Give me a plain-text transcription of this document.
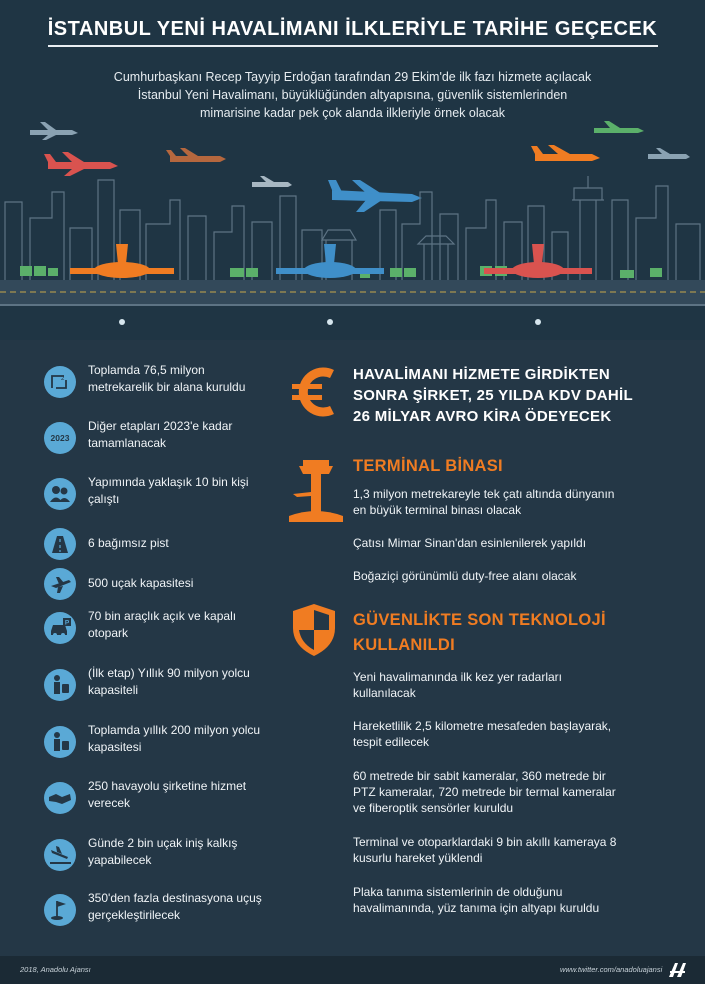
İSTANBUL YENİ HAVALİMANI İLKLERİYLE TARİHE GEÇECEK
Cumhurbaşkanı Recep Tayyip Erdoğan tarafından 29 Ekim'de ilk fazı hizmete açılacak
İstanbul Yeni Havalimanı, büyüklüğünden altyapısına, güvenlik sistemlerinden
mimarisine kadar pek çok alanda ilkleriyle örnek olacak
2
Toplamda 76,5 milyon
metrekarelik bir alana kuruldu
2023
Diğer etapları 2023'e kadar
tamamlanacak
Yapımında yaklaşık 10 bin kişi
çalıştı
6 bağımsız pist
500 uçak kapasitesi
P 70 bin araçlık açık ve kapalı
otopark
(İlk etap) Yıllık 90 milyon yolcu
kapasiteli
Toplamda yıllık 200 milyon yolcu
kapasitesi
250 havayolu şirketine hizmet
verecek
Günde 2 bin uçak iniş kalkış
yapabilecek
350'den fazla destinasyona uçuş
gerçekleştirilecek
HAVALİMANI HİZMETE GİRDİKTEN
SONRA ŞİRKET, 25 YILDA KDV DAHİL
26 MİLYAR AVRO KİRA ÖDEYECEK
TERMİNAL BİNASI
1,3 milyon metrekareyle tek çatı altında dünyanın
en büyük terminal binası olacak
Çatısı Mimar Sinan'dan esinlenilerek yapıldı
Boğaziçi görünümlü duty-free alanı olacak
GÜVENLİKTE SON TEKNOLOJİ
KULLANILDI
Yeni havalimanında ilk kez yer radarları
kullanılacak
Hareketlilik 2,5 kilometre mesafeden başlayarak,
tespit edilecek
60 metrede bir sabit kameralar, 360 metrede bir
PTZ kameralar, 720 metrede bir termal kameralar
ve fiberoptik sensörler kuruldu
Terminal ve otoparklardaki 9 bin akıllı kameraya 8
kusurlu hareket yüklendi
Plaka tanıma sistemlerinin de olduğunu
havalimanında, yüz tanıma için altyapı kuruldu
2018, Anadolu Ajansı	www.twitter.com/anadoluajansi
